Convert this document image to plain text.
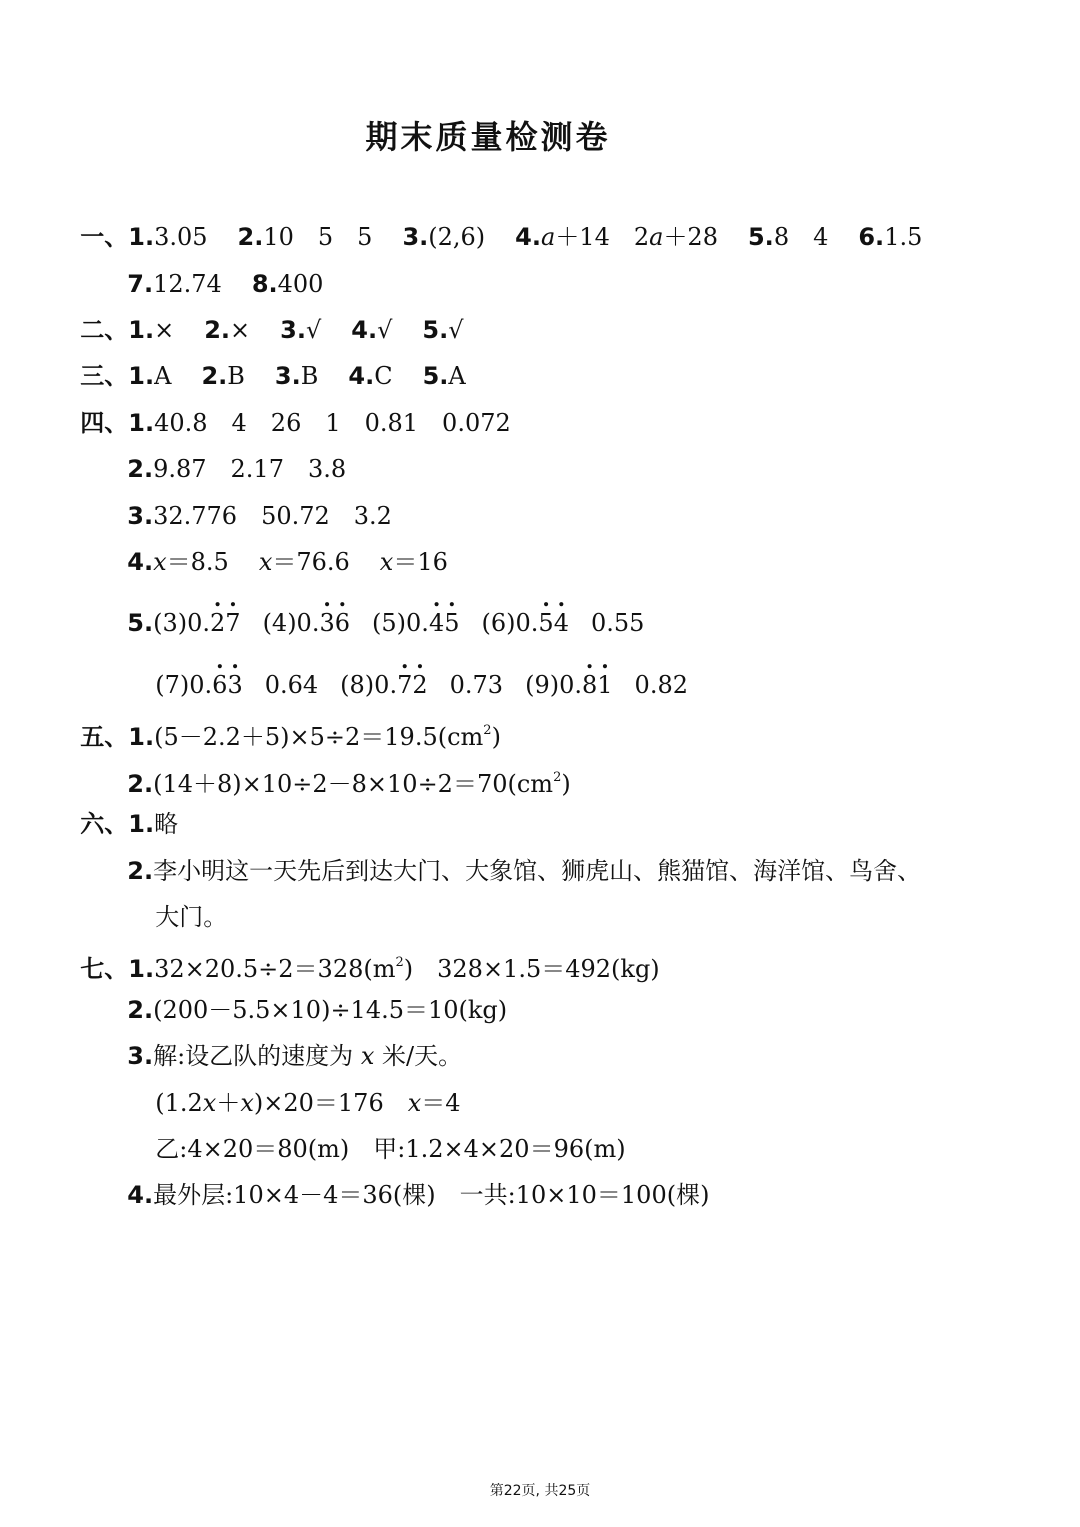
期末质量检测卷

一、1.3.05 2.10　5　5 3.(2,6) 4.a＋14　2a＋28 5.8　4 6.1.5

7.12.74 8.400

二、1.× 2.× 3.√ 4.√ 5.√

三、1.A 2.B 3.B 4.C 5.A

四、1.40.8　4　26　1　0.81　0.072

2.9.87　2.17　3.8

3.32.776　50.72　3.2

4.x＝8.5 x＝76.6 x＝16

5.(3)0.. 2. 7 (4)0.. 3. 6 (5)0.. 4. 5 (6)0.. 5. 4 0.55

(7)0.. 6. 3 0.64 (8)0.. 7. 2 0.73 (9)0.. 8. 1 0.82

五、$1.(5-2.2+5)\times 5\div 2=19.5(cm^2)$

$2.(14+8)\times 10\div 2-8\times 10\div 2=70(cm^2)$

六、1.略

2.李小明这一天先后到达大门、大象馆、狮虎山、熊猫馆、海洋馆、鸟舍、

大门。

七、$1.32\times 20.5\div 2=328(m^2)$　328×1.5＝492(kg)

2.(200－5.5×10)÷14.5＝10(kg)

3.解:设乙队的速度为 x 米/天。

(1.2x＋x)×20＝176　x＝4

乙:4×20＝80(m)　甲:1.2×4×20＝96(m)

4.最外层:10×4－4＝36(棵)　一共:10×10＝100(棵)

第22页, 共25页
